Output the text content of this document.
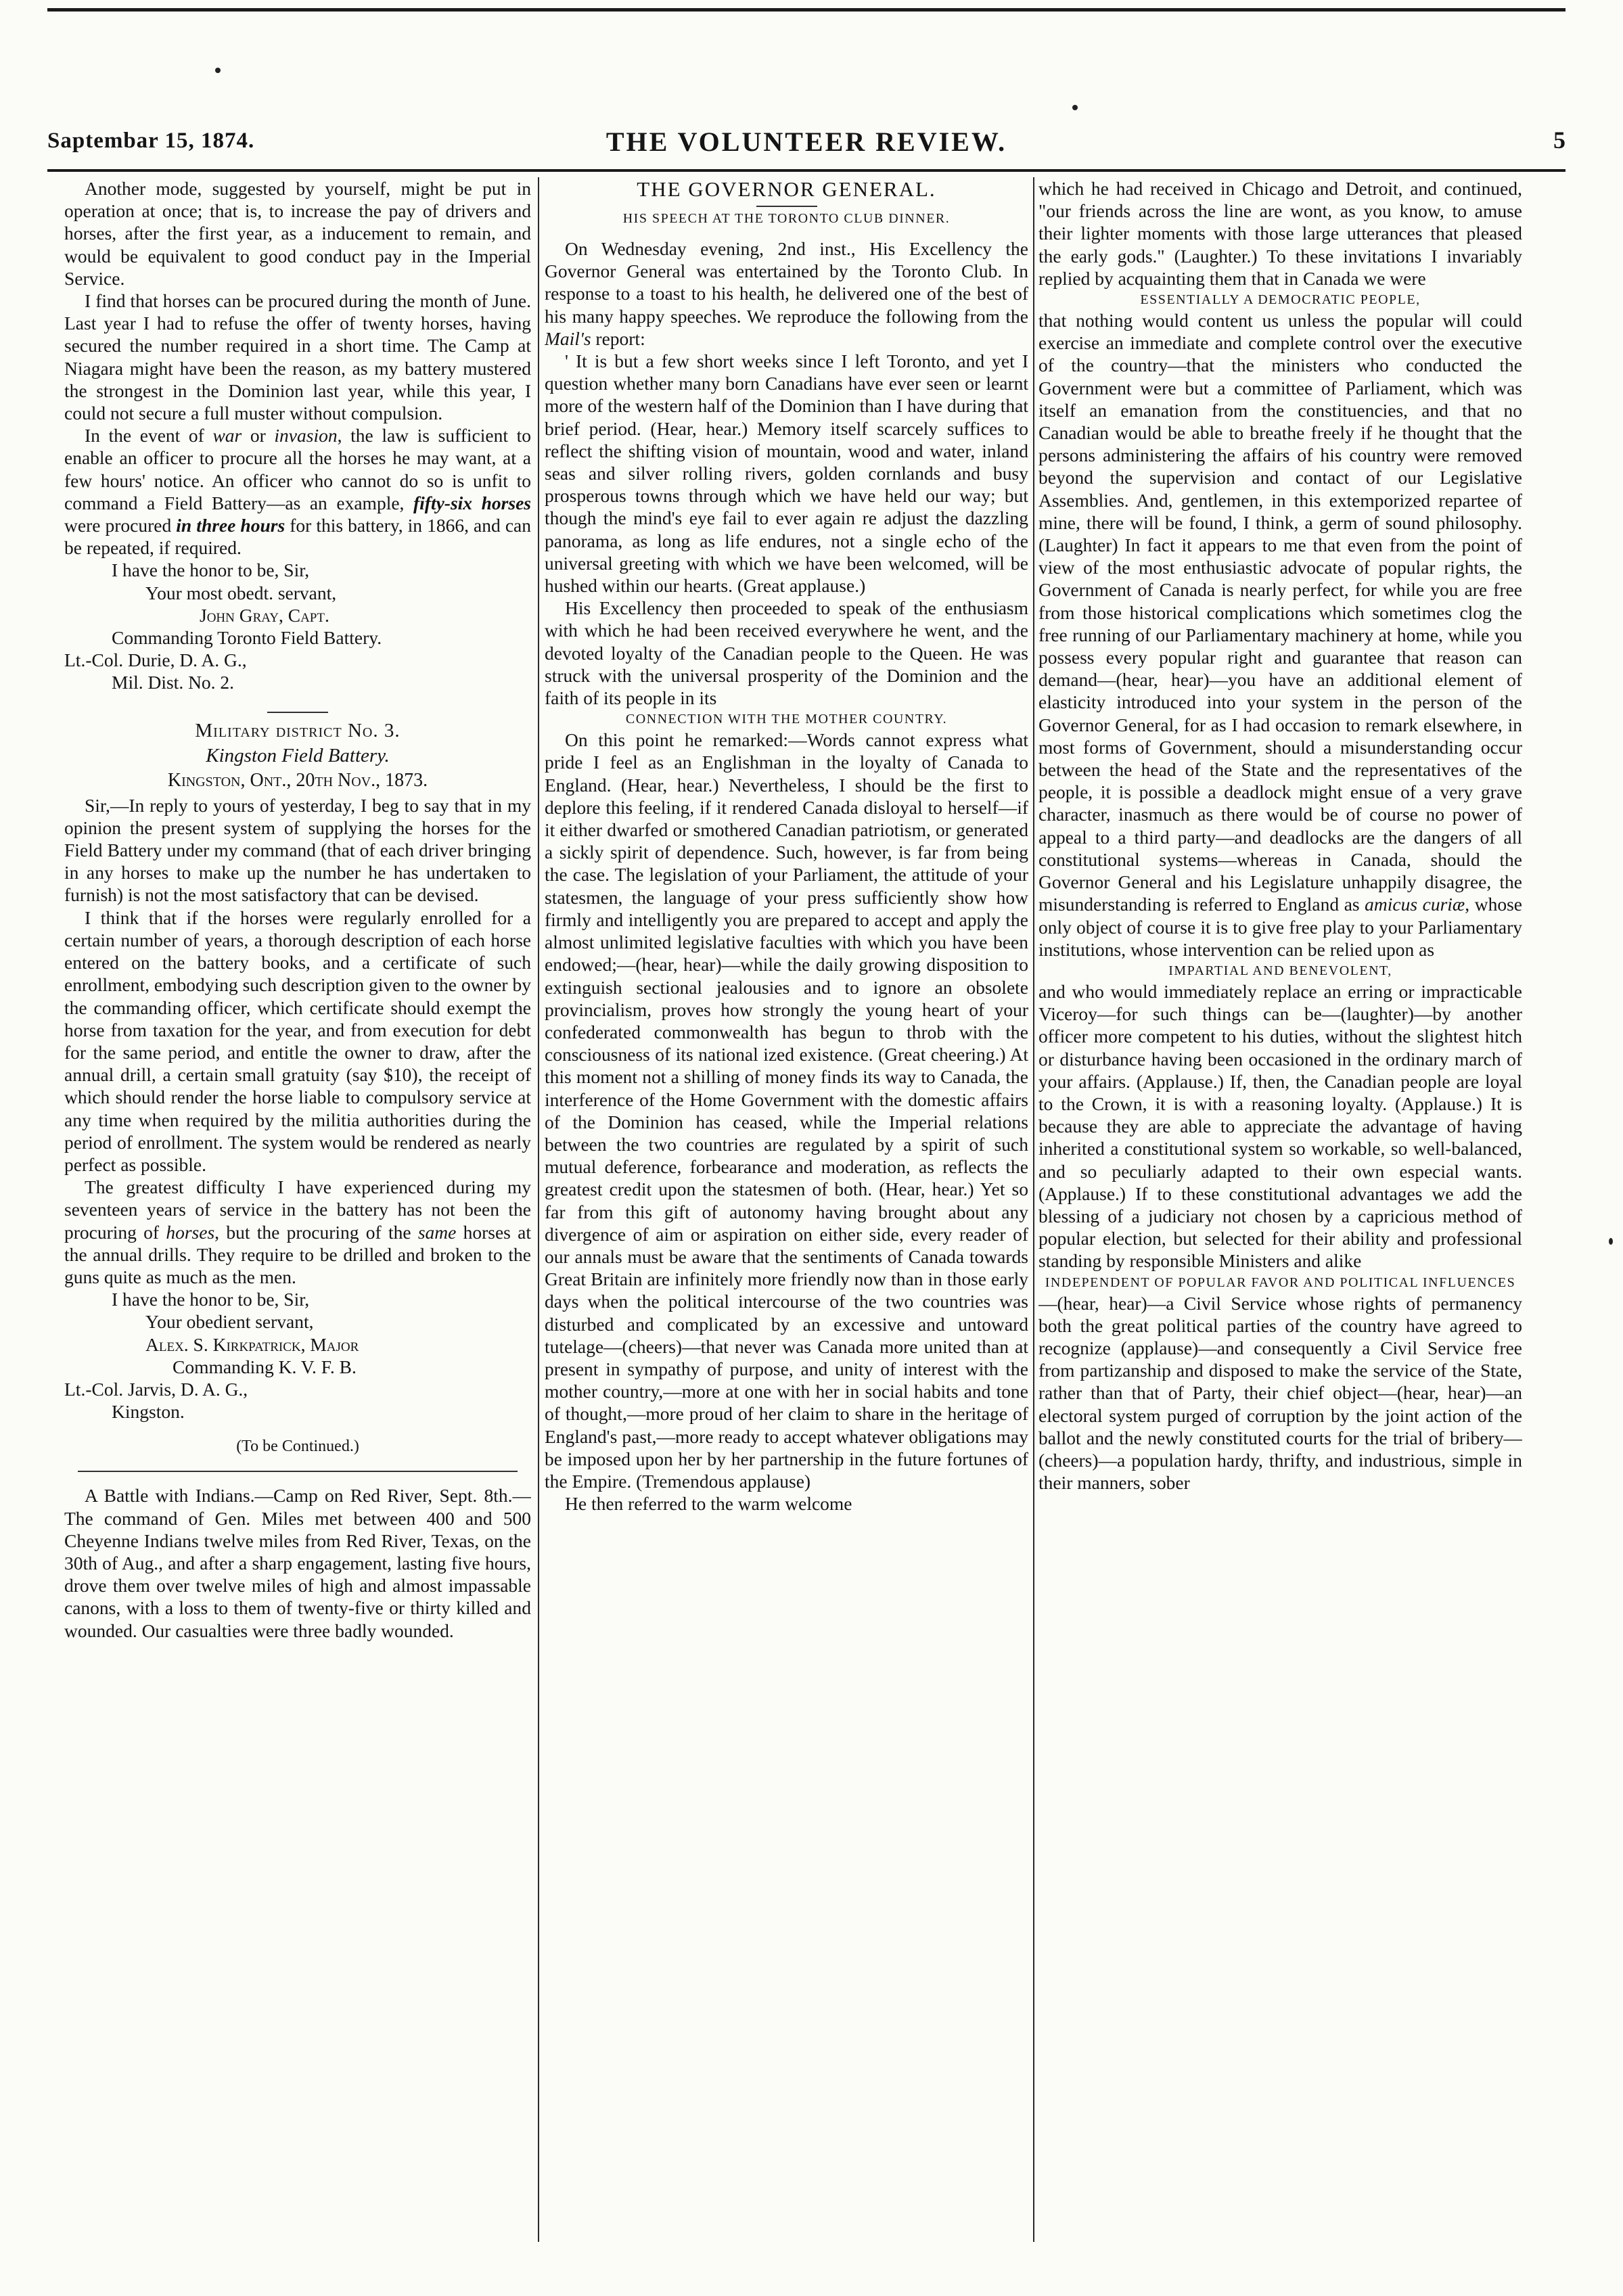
Saptembar 15, 1874.	THE VOLUNTEER REVIEW.	5

Another mode, suggested by yourself, might be put in operation at once; that is, to increase the pay of drivers and horses, after the first year, as a inducement to remain, and would be equivalent to good conduct pay in the Imperial Service.

I find that horses can be procured during the month of June. Last year I had to refuse the offer of twenty horses, having secured the number required in a short time. The Camp at Niagara might have been the reason, as my battery mustered the strongest in the Dominion last year, while this year, I could not secure a full muster without compulsion.

In the event of war or invasion, the law is sufficient to enable an officer to procure all the horses he may want, at a few hours' notice. An officer who cannot do so is unfit to command a Field Battery—as an example, fifty-six horses were procured in three hours for this battery, in 1866, and can be repeated, if required.

I have the honor to be, Sir,
Your most obedt. servant,
John Gray, Capt.
Commanding Toronto Field Battery.
Lt.-Col. Durie, D. A. G.,
Mil. Dist. No. 2.
Military district No. 3.
Kingston Field Battery.
Kingston, Ont., 20th Nov., 1873.

Sir,—In reply to yours of yesterday, I beg to say that in my opinion the present system of supplying the horses for the Field Battery under my command (that of each driver bringing in any horses to make up the number he has undertaken to furnish) is not the most satisfactory that can be devised.

I think that if the horses were regularly enrolled for a certain number of years, a thorough description of each horse entered on the battery books, and a certificate of such enrollment, embodying such description given to the owner by the commanding officer, which certificate should exempt the horse from taxation for the year, and from execution for debt for the same period, and entitle the owner to draw, after the annual drill, a certain small gratuity (say $10), the receipt of which should render the horse liable to compulsory service at any time when required by the militia authorities during the period of enrollment. The system would be rendered as nearly perfect as possible.

The greatest difficulty I have experienced during my seventeen years of service in the battery has not been the procuring of horses, but the procuring of the same horses at the annual drills. They require to be drilled and broken to the guns quite as much as the men.

I have the honor to be, Sir,
Your obedient servant,
Alex. S. Kirkpatrick, Major
Commanding K. V. F. B.
Lt.-Col. Jarvis, D. A. G.,
Kingston.
(To be Continued.)

A Battle with Indians.—Camp on Red River, Sept. 8th.—The command of Gen. Miles met between 400 and 500 Cheyenne Indians twelve miles from Red River, Texas, on the 30th of Aug., and after a sharp engagement, lasting five hours, drove them over twelve miles of high and almost impassable canons, with a loss to them of twenty-five or thirty killed and wounded. Our casualties were three badly wounded.

THE GOVERNOR GENERAL.
HIS SPEECH AT THE TORONTO CLUB DINNER.

On Wednesday evening, 2nd inst., His Excellency the Governor General was entertained by the Toronto Club. In response to a toast to his health, he delivered one of the best of his many happy speeches. We reproduce the following from the Mail's report:

' It is but a few short weeks since I left Toronto, and yet I question whether many born Canadians have ever seen or learnt more of the western half of the Dominion than I have during that brief period. (Hear, hear.) Memory itself scarcely suffices to reflect the shifting vision of mountain, wood and water, inland seas and silver rolling rivers, golden cornlands and busy prosperous towns through which we have held our way; but though the mind's eye fail to ever again re adjust the dazzling panorama, as long as life endures, not a single echo of the universal greeting with which we have been welcomed, will be hushed within our hearts. (Great applause.)

His Excellency then proceeded to speak of the enthusiasm with which he had been received everywhere he went, and the devoted loyalty of the Canadian people to the Queen. He was struck with the universal prosperity of the Dominion and the faith of its people in its

CONNECTION WITH THE MOTHER COUNTRY.

On this point he remarked:—Words cannot express what pride I feel as an Englishman in the loyalty of Canada to England. (Hear, hear.) Nevertheless, I should be the first to deplore this feeling, if it rendered Canada disloyal to herself—if it either dwarfed or smothered Canadian patriotism, or generated a sickly spirit of dependence. Such, however, is far from being the case. The legislation of your Parliament, the attitude of your statesmen, the language of your press sufficiently show how firmly and intelligently you are prepared to accept and apply the almost unlimited legislative faculties with which you have been endowed;—(hear, hear)—while the daily growing disposition to extinguish sectional jealousies and to ignore an obsolete provincialism, proves how strongly the young heart of your confederated commonwealth has begun to throb with the consciousness of its national ized existence. (Great cheering.) At this moment not a shilling of money finds its way to Canada, the interference of the Home Government with the domestic affairs of the Dominion has ceased, while the Imperial relations between the two countries are regulated by a spirit of such mutual deference, forbearance and moderation, as reflects the greatest credit upon the statesmen of both. (Hear, hear.) Yet so far from this gift of autonomy having brought about any divergence of aim or aspiration on either side, every reader of our annals must be aware that the sentiments of Canada towards Great Britain are infinitely more friendly now than in those early days when the political intercourse of the two countries was disturbed and complicated by an excessive and untoward tutelage—(cheers)—that never was Canada more united than at present in sympathy of purpose, and unity of interest with the mother country,—more at one with her in social habits and tone of thought,—more proud of her claim to share in the heritage of England's past,—more ready to accept whatever obligations may be imposed upon her by her partnership in the future fortunes of the Empire. (Tremendous applause)

He then referred to the warm welcome

which he had received in Chicago and Detroit, and continued, "our friends across the line are wont, as you know, to amuse their lighter moments with those large utterances that pleased the early gods." (Laughter.) To these invitations I invariably replied by acquainting them that in Canada we were

ESSENTIALLY A DEMOCRATIC PEOPLE,

that nothing would content us unless the popular will could exercise an immediate and complete control over the executive of the country—that the ministers who conducted the Government were but a committee of Parliament, which was itself an emanation from the constituencies, and that no Canadian would be able to breathe freely if he thought that the persons administering the affairs of his country were removed beyond the supervision and contact of our Legislative Assemblies. And, gentlemen, in this extemporized repartee of mine, there will be found, I think, a germ of sound philosophy. (Laughter) In fact it appears to me that even from the point of view of the most enthusiastic advocate of popular rights, the Government of Canada is nearly perfect, for while you are free from those historical complications which sometimes clog the free running of our Parliamentary machinery at home, while you possess every popular right and guarantee that reason can demand—(hear, hear)—you have an additional element of elasticity introduced into your system in the person of the Governor General, for as I had occasion to remark elsewhere, in most forms of Government, should a misunderstanding occur between the head of the State and the representatives of the people, it is possible a deadlock might ensue of a very grave character, inasmuch as there would be of course no power of appeal to a third party—and deadlocks are the dangers of all constitutional systems—whereas in Canada, should the Governor General and his Legislature unhappily disagree, the misunderstanding is referred to England as amicus curiæ, whose only object of course it is to give free play to your Parliamentary institutions, whose intervention can be relied upon as

IMPARTIAL AND BENEVOLENT,

and who would immediately replace an erring or impracticable Viceroy—for such things can be—(laughter)—by another officer more competent to his duties, without the slightest hitch or disturbance having been occasioned in the ordinary march of your affairs. (Applause.) If, then, the Canadian people are loyal to the Crown, it is with a reasoning loyalty. (Applause.) It is because they are able to appreciate the advantage of having inherited a constitutional system so workable, so well-balanced, and so peculiarly adapted to their own especial wants. (Applause.) If to these constitutional advantages we add the blessing of a judiciary not chosen by a capricious method of popular election, but selected for their ability and professional standing by responsible Ministers and alike

INDEPENDENT OF POPULAR FAVOR AND POLITICAL INFLUENCES

—(hear, hear)—a Civil Service whose rights of permanency both the great political parties of the country have agreed to recognize (applause)—and consequently a Civil Service free from partizanship and disposed to make the service of the State, rather than that of Party, their chief object—(hear, hear)—an electoral system purged of corruption by the joint action of the ballot and the newly constituted courts for the trial of bribery—(cheers)—a population hardy, thrifty, and industrious, simple in their manners, sober
